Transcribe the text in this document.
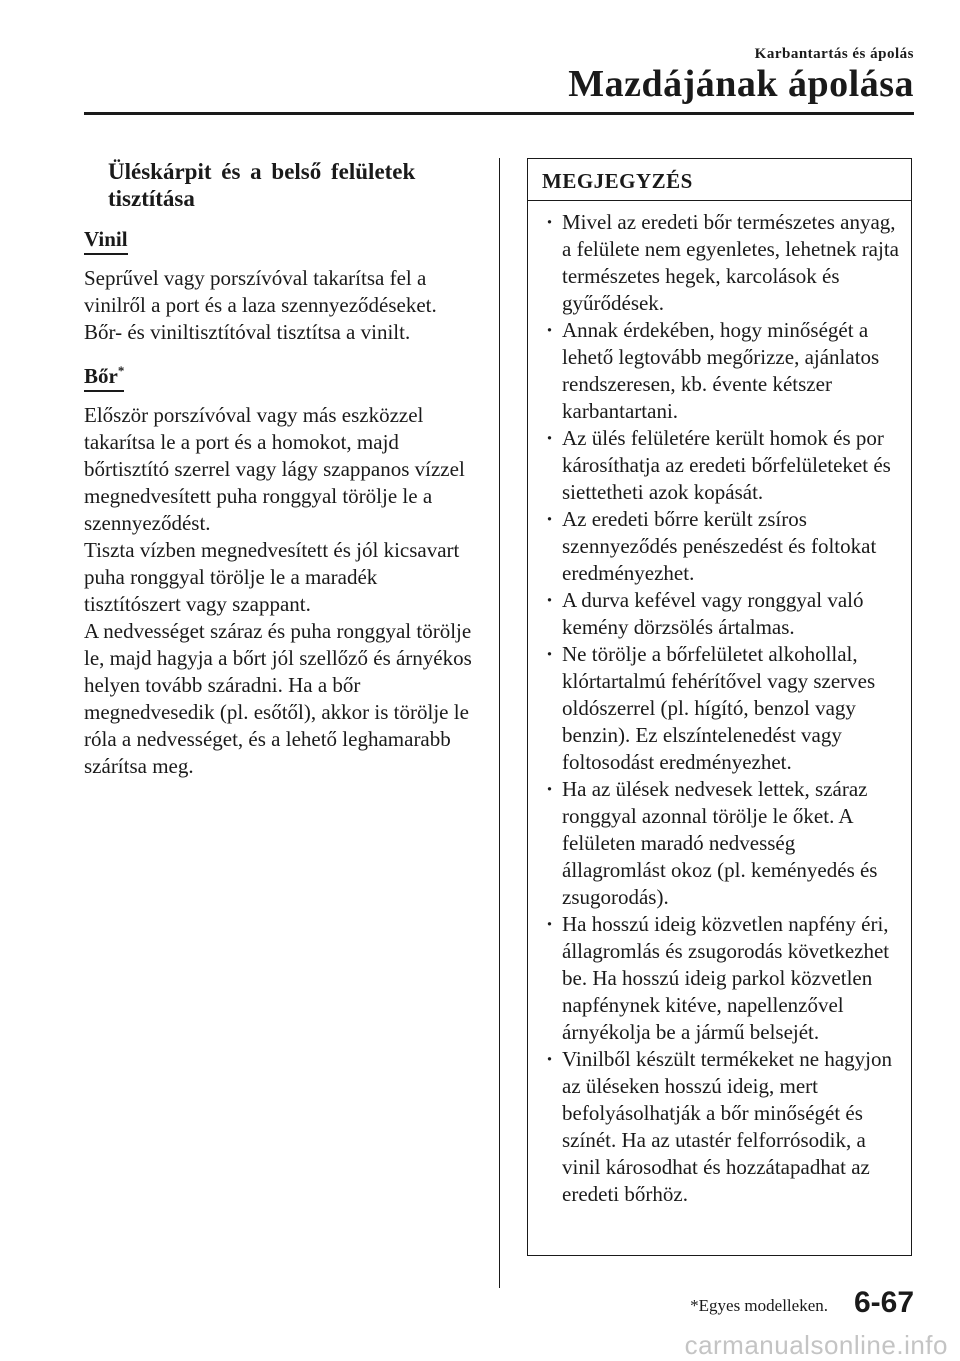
Karbantartás és ápolás
Mazdájának ápolása
Üléskárpit és a belső felületek tisztítása
Vinil

Seprűvel vagy porszívóval takarítsa fel a vinilről a port és a laza szennyeződéseket. Bőr- és viniltisztítóval tisztítsa a vinilt.

Bőr*

Először porszívóval vagy más eszközzel takarítsa le a port és a homokot, majd bőrtisztító szerrel vagy lágy szappanos vízzel megnedvesített puha ronggyal törölje le a szennyeződést.

Tiszta vízben megnedvesített és jól kicsavart puha ronggyal törölje le a maradék tisztítószert vagy szappant.

A nedvességet száraz és puha ronggyal törölje le, majd hagyja a bőrt jól szellőző és árnyékos helyen tovább száradni. Ha a bőr megnedvesedik (pl. esőtől), akkor is törölje le róla a nedvességet, és a lehető leghamarabb szárítsa meg.

MEGJEGYZÉS
· Mivel az eredeti bőr természetes anyag, a felülete nem egyenletes, lehetnek rajta természetes hegek, karcolások és gyűrődések.
· Annak érdekében, hogy minőségét a lehető legtovább megőrizze, ajánlatos rendszeresen, kb. évente kétszer karbantartani.
· Az ülés felületére került homok és por károsíthatja az eredeti bőrfelületeket és siettetheti azok kopását.
· Az eredeti bőrre került zsíros szennyeződés penészedést és foltokat eredményezhet.
· A durva kefével vagy ronggyal való kemény dörzsölés ártalmas.
· Ne törölje a bőrfelületet alkohollal, klórtartalmú fehérítővel vagy szerves oldószerrel (pl. hígító, benzol vagy benzin). Ez elszíntelenedést vagy foltosodást eredményezhet.
· Ha az ülések nedvesek lettek, száraz ronggyal azonnal törölje le őket. A felületen maradó nedvesség állagromlást okoz (pl. keményedés és zsugorodás).
· Ha hosszú ideig közvetlen napfény éri, állagromlás és zsugorodás következhet be. Ha hosszú ideig parkol közvetlen napfénynek kitéve, napellenzővel árnyékolja be a jármű belsejét.
· Vinilből készült termékeket ne hagyjon az üléseken hosszú ideig, mert befolyásolhatják a bőr minőségét és színét. Ha az utastér felforrósodik, a vinil károsodhat és hozzátapadhat az eredeti bőrhöz.
*Egyes modelleken. 6-67
carmanualsonline.info
